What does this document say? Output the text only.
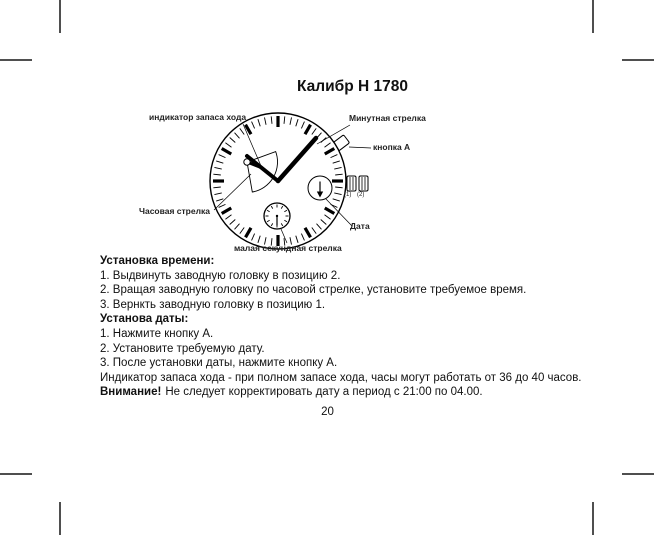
Калибр H 1780
индикатор запаса хода	Минутная стрелка
кнопка A
Часовая стрелка
Дата
малая секундная стрелка
(1) (2)
Установка времени:

1. Выдвинуть заводную головку в позицию 2.

2. Вращая заводную головку по часовой стрелке, установите требуемое время.

3. Вернкть заводную головку в позицию 1.

Установа даты:

1. Нажмите кнопку A.

2. Установите требуемую дату.

3. После установки даты, нажмите кнопку A.

Индикатор запаса хода - при полном запасе хода, часы могут работать от 36 до 40 часов.

Внимание! Не следует корректировать дату а период с 21:00 по 04.00.

20
